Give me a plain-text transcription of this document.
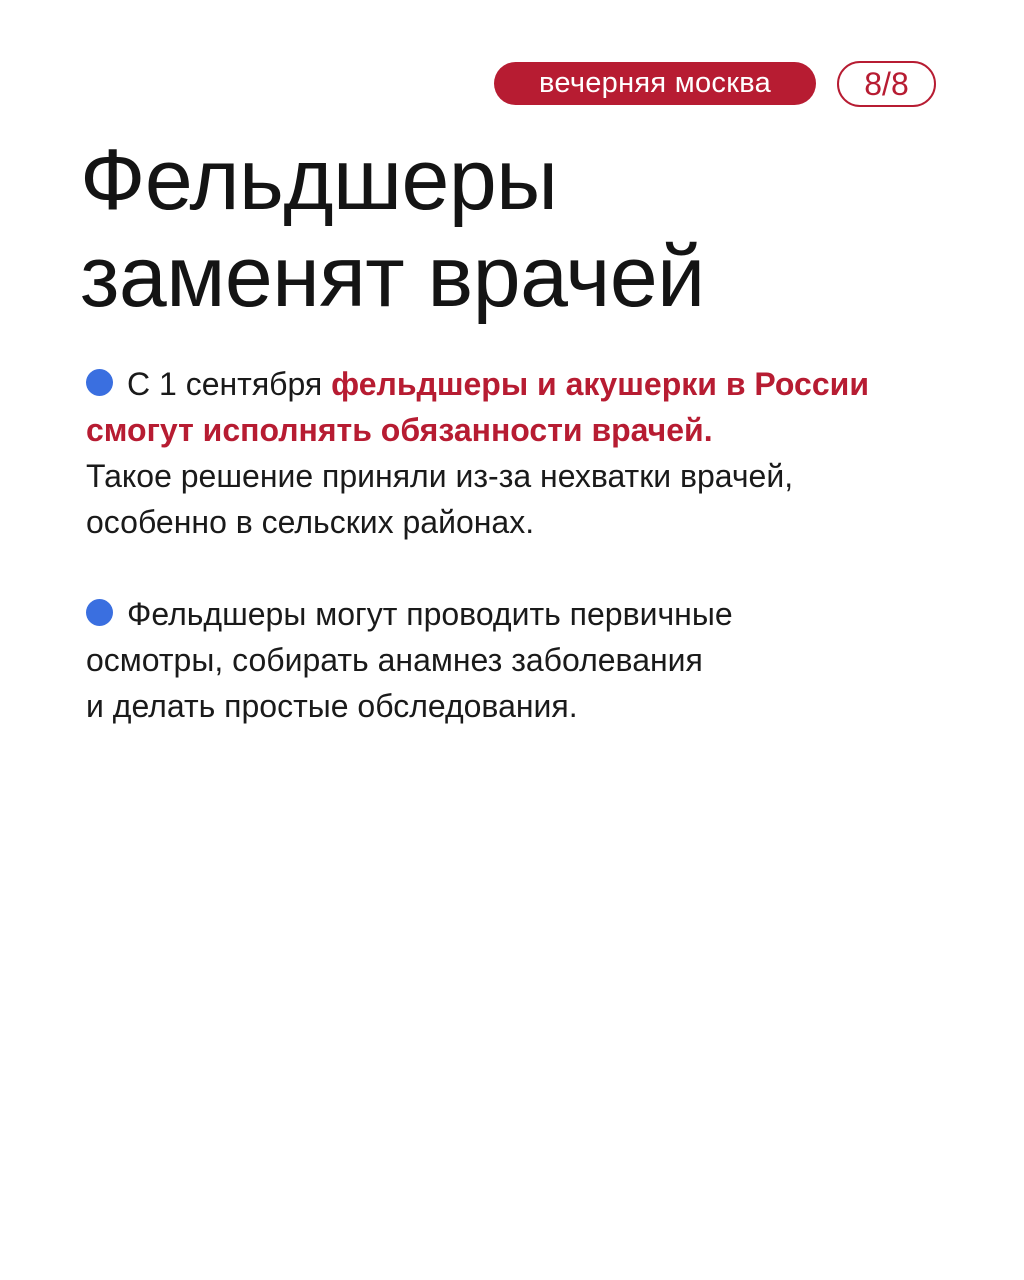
вечерняя москва	8/8
Фельдшеры
заменят врачей

С 1 сентября фельдшеры и акушерки в России
смогут исполнять обязанности врачей.
Такое решение приняли из-за нехватки врачей,
особенно в сельских районах.

Фельдшеры могут проводить первичные
осмотры, собирать анамнез заболевания
и делать простые обследования.
